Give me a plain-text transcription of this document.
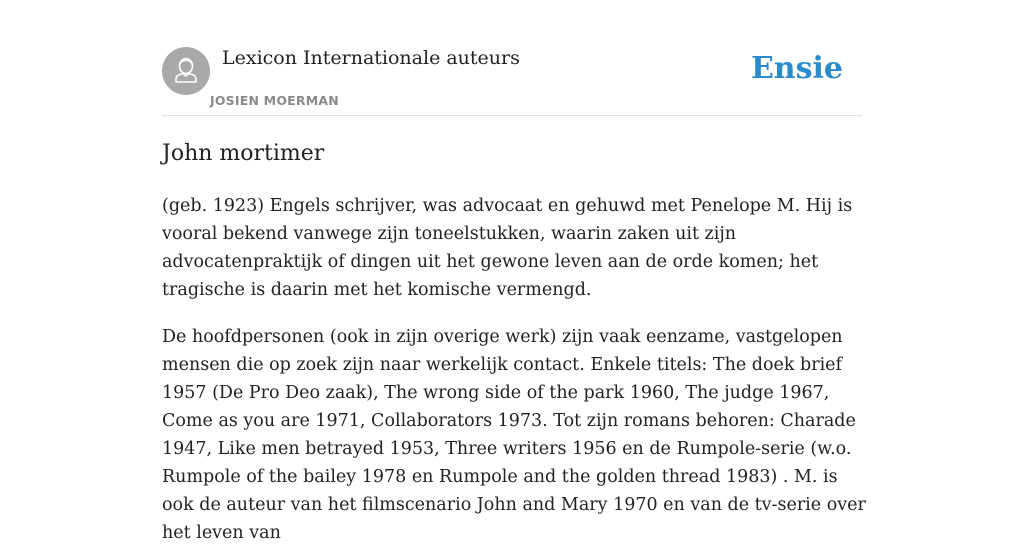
Lexicon Internationale auteurs
JOSIEN MOERMAN
Ensie
John mortimer

(geb. 1923) Engels schrijver, was advocaat en gehuwd met Penelope M. Hij is vooral bekend vanwege zijn toneelstukken, waarin zaken uit zijn advocatenpraktijk of dingen uit het gewone leven aan de orde komen; het tragische is daarin met het komische vermengd.

De hoofdpersonen (ook in zijn overige werk) zijn vaak eenzame, vastgelopen mensen die op zoek zijn naar werkelijk contact. Enkele titels: The doek brief 1957 (De Pro Deo zaak), The wrong side of the park 1960, The judge 1967, Come as you are 1971, Collaborators 1973. Tot zijn romans behoren: Charade 1947, Like men betrayed 1953, Three writers 1956 en de Rumpole-serie (w.o. Rumpole of the bailey 1978 en Rumpole and the golden thread 1983) . M. is ook de auteur van het filmscenario John and Mary 1970 en van de tv-serie over het leven van
